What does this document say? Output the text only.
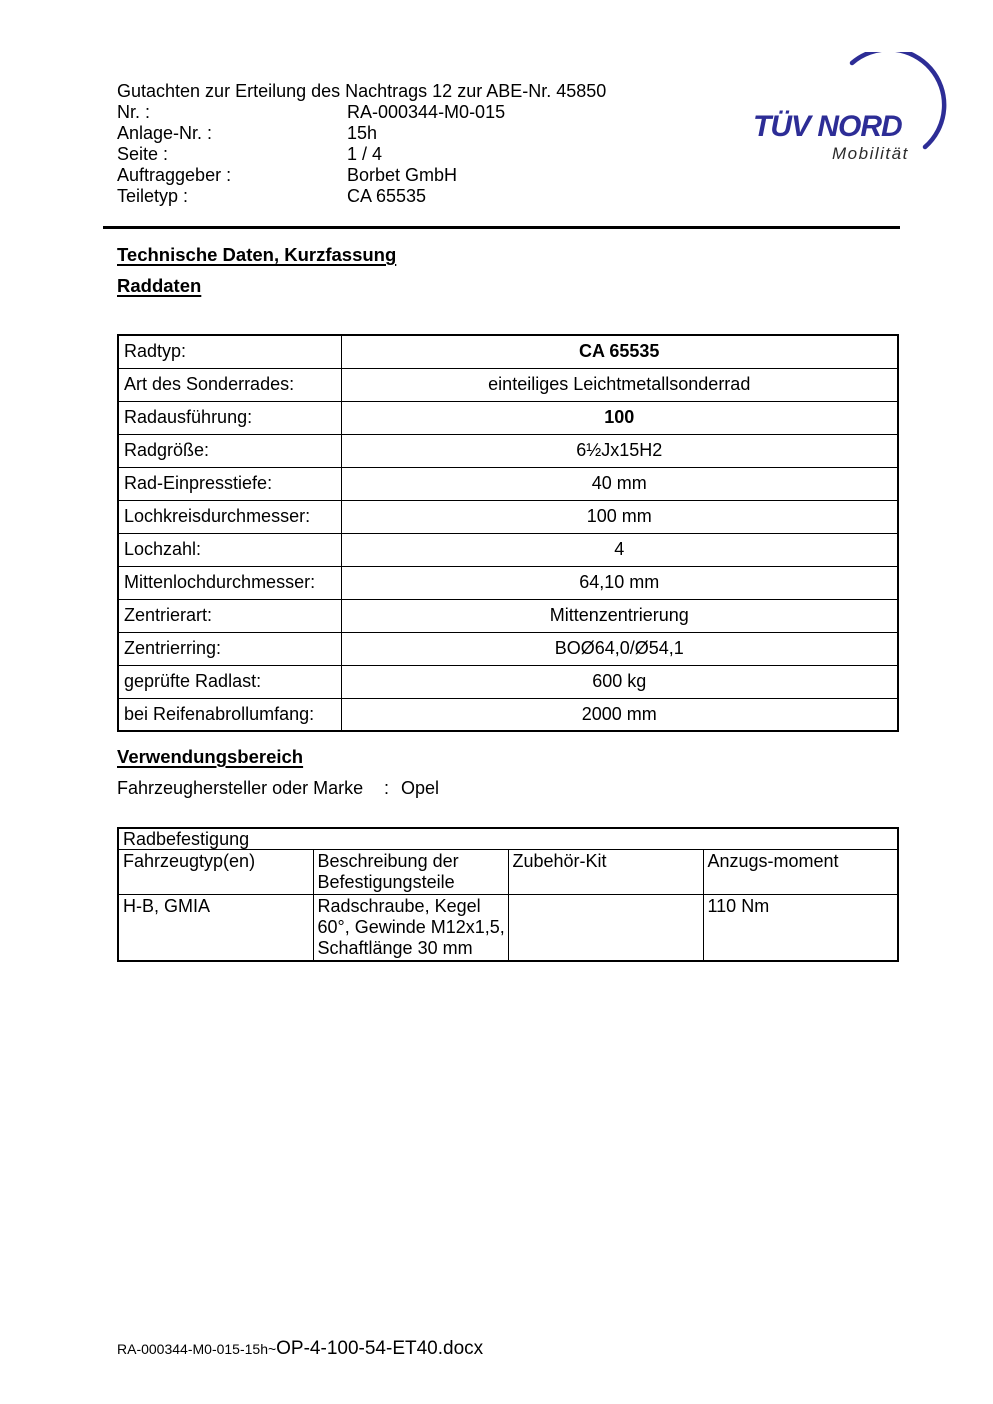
TÜV NORD
Mobilität
Gutachten zur Erteilung des Nachtrags 12 zur ABE-Nr. 45850
Nr. :	RA-000344-M0-015
Anlage-Nr. :	15h
Seite :	1 / 4
Auftraggeber :	Borbet GmbH
Teiletyp :	CA 65535
Technische Daten, Kurzfassung
Raddaten
Radtyp:	CA 65535
Art des Sonderrades:	einteiliges Leichtmetallsonderrad
Radausführung:	100
Radgröße:	6½Jx15H2
Rad-Einpresstiefe:	40 mm
Lochkreisdurchmesser:	100 mm
Lochzahl:	4
Mittenlochdurchmesser:	64,10 mm
Zentrierart:	Mittenzentrierung
Zentrierring:	BOØ64,0/Ø54,1
geprüfte Radlast:	600 kg
bei Reifenabrollumfang:	2000 mm
Verwendungsbereich
Fahrzeughersteller oder Marke	: Opel
Radbefestigung			
Fahrzeugtyp(en)	Beschreibung der Befestigungsteile	Zubehör-Kit	Anzugs-moment
H-B, GMIA	Radschraube, Kegel 60°, Gewinde M12x1,5, Schaftlänge 30 mm		110 Nm
RA-000344-M0-015-15h~OP-4-100-54-ET40.docx
